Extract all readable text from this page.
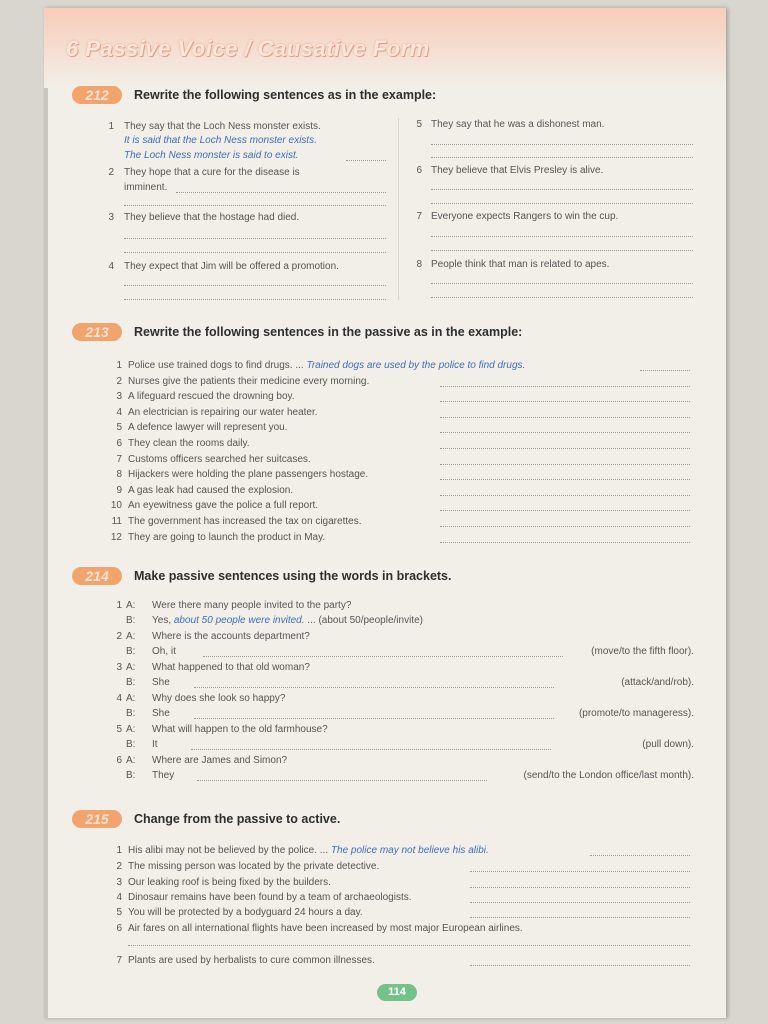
6 Passive Voice / Causative Form
212	Rewrite the following sentences as in the example:
1 They say that the Loch Ness monster exists.
It is said that the Loch Ness monster exists.
The Loch Ness monster is said to exist.
2 They hope that a cure for the disease is
imminent.
3 They believe that the hostage had died.
4 They expect that Jim will be offered a promotion.
5 They say that he was a dishonest man.
6 They believe that Elvis Presley is alive.
7 Everyone expects Rangers to win the cup.
8 People think that man is related to apes.
213	Rewrite the following sentences in the passive as in the example:
1 Police use trained dogs to find drugs. ... Trained dogs are used by the police to find drugs.
2 Nurses give the patients their medicine every morning.
3 A lifeguard rescued the drowning boy.
4 An electrician is repairing our water heater.
5 A defence lawyer will represent you.
6 They clean the rooms daily.
7 Customs officers searched her suitcases.
8 Hijackers were holding the plane passengers hostage.
9 A gas leak had caused the explosion.
10 An eyewitness gave the police a full report.
11 The government has increased the tax on cigarettes.
12 They are going to launch the product in May.
214	Make passive sentences using the words in brackets.
1 A: Were there many people invited to the party?
B: Yes, about 50 people were invited. ... (about 50/people/invite)
2 A: Where is the accounts department?
B: Oh, it	(move/to the fifth floor).
3 A: What happened to that old woman?
B: She	(attack/and/rob).
4 A: Why does she look so happy?
B: She	(promote/to manageress).
5 A: What will happen to the old farmhouse?
B: It	(pull down).
6 A: Where are James and Simon?
B: They	(send/to the London office/last month).
215	Change from the passive to active.
1 His alibi may not be believed by the police. ... The police may not believe his alibi.
2 The missing person was located by the private detective.
3 Our leaking roof is being fixed by the builders.
4 Dinosaur remains have been found by a team of archaeologists.
5 You will be protected by a bodyguard 24 hours a day.
6 Air fares on all international flights have been increased by most major European airlines.
7 Plants are used by herbalists to cure common illnesses.
114
